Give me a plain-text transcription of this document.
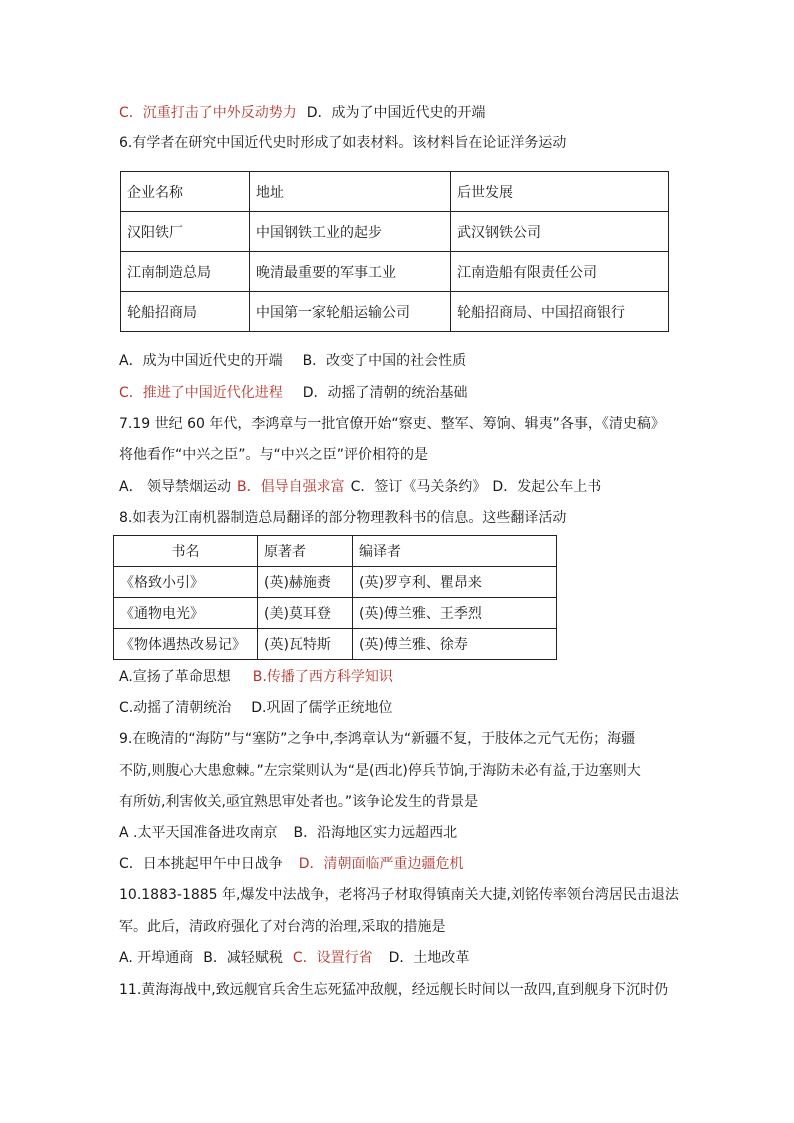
C．沉重打击了中外反动势力 D．成为了中国近代史的开端
6.有学者在研究中国近代史时形成了如表材料。该材料旨在论证洋务运动
企业名称	地址	后世发展
汉阳铁厂	中国钢铁工业的起步	武汉钢铁公司
江南制造总局	晚清最重要的军事工业	江南造船有限责任公司
轮船招商局	中国第一家轮船运输公司	轮船招商局、中国招商银行
A．成为中国近代史的开端 B．改变了中国的社会性质
C．推进了中国近代化进程 D．动摇了清朝的统治基础
7.19 世纪 60 年代，李鸿章与一批官僚开始“察吏、整军、筹饷、辑夷”各事，《清史稿》
将他看作“中兴之臣”。与“中兴之臣”评价相符的是
A． 领导禁烟运动 B．倡导自强求富 C．签订《马关条约》 D．发起公车上书
8.如表为江南机器制造总局翻译的部分物理教科书的信息。这些翻译活动
书名	原著者	编译者
《格致小引》	(英)赫施赉	(英)罗亨利、瞿昂来
《通物电光》	(美)莫耳登	(英)傅兰雅、王季烈
《物体遇热改易记》	(英)瓦特斯	(英)傅兰雅、徐寿
A.宣扬了革命思想 B.传播了西方科学知识
C.动摇了清朝统治 D.巩固了儒学正统地位
9.在晚清的“海防”与“塞防”之争中,李鸿章认为“新疆不复，于肢体之元气无伤；海疆
不防,则腹心大患愈棘。”左宗棠则认为“是(西北)停兵节饷,于海防未必有益,于边塞则大
有所妨,利害攸关,亟宜熟思审处者也。”该争论发生的背景是
A .太平天国准备进攻南京 B．沿海地区实力远超西北
C．日本挑起甲午中日战争 D．清朝面临严重边疆危机
10.1883-1885 年,爆发中法战争，老将冯子材取得镇南关大捷,刘铭传率领台湾居民击退法
军。此后，清政府强化了对台湾的治理,采取的措施是
A. 开埠通商 B．减轻赋税 C．设置行省 D．土地改革
11.黄海海战中,致远舰官兵舍生忘死猛冲敌舰，经远舰长时间以一敌四,直到舰身下沉时仍
